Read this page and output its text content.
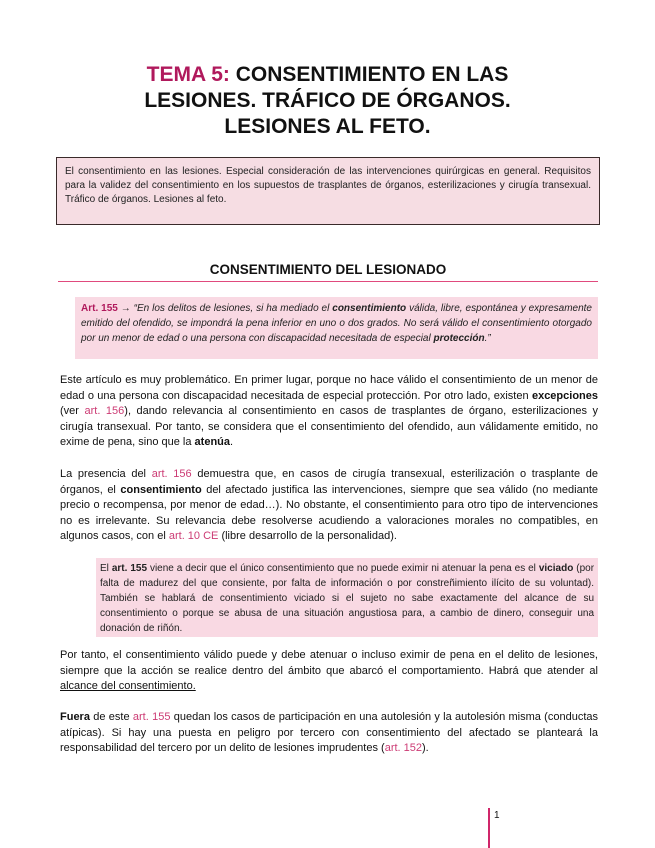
TEMA 5: CONSENTIMIENTO EN LAS
LESIONES. TRÁFICO DE ÓRGANOS.
LESIONES AL FETO.
El consentimiento en las lesiones. Especial consideración de las intervenciones quirúrgicas en general. Requisitos para la validez del consentimiento en los supuestos de trasplantes de órganos, esterilizaciones y cirugía transexual. Tráfico de órganos. Lesiones al feto.
CONSENTIMIENTO DEL LESIONADO
Art. 155 → “En los delitos de lesiones, si ha mediado el consentimiento válida, libre, espontánea y expresamente emitido del ofendido, se impondrá la pena inferior en uno o dos grados. No será válido el consentimiento otorgado por un menor de edad o una persona con discapacidad necesitada de especial protección.”

Este artículo es muy problemático. En primer lugar, porque no hace válido el consentimiento de un menor de edad o una persona con discapacidad necesitada de especial protección. Por otro lado, existen excepciones (ver art. 156), dando relevancia al consentimiento en casos de trasplantes de órgano, esterilizaciones y cirugía transexual. Por tanto, se considera que el consentimiento del ofendido, aun válidamente emitido, no exime de pena, sino que la atenúa.

La presencia del art. 156 demuestra que, en casos de cirugía transexual, esterilización o trasplante de órganos, el consentimiento del afectado justifica las intervenciones, siempre que sea válido (no mediante precio o recompensa, por menor de edad…). No obstante, el consentimiento para otro tipo de intervenciones no es irrelevante. Su relevancia debe resolverse acudiendo a valoraciones morales no compatibles, en algunos casos, con el art. 10 CE (libre desarrollo de la personalidad).

El art. 155 viene a decir que el único consentimiento que no puede eximir ni atenuar la pena es el viciado (por falta de madurez del que consiente, por falta de información o por constreñimiento ilícito de su voluntad). También se hablará de consentimiento viciado si el sujeto no sabe exactamente del alcance de su consentimiento o porque se abusa de una situación angustiosa para, a cambio de dinero, conseguir una donación de riñón.

Por tanto, el consentimiento válido puede y debe atenuar o incluso eximir de pena en el delito de lesiones, siempre que la acción se realice dentro del ámbito que abarcó el comportamiento. Habrá que atender al alcance del consentimiento.

Fuera de este art. 155 quedan los casos de participación en una autolesión y la autolesión misma (conductas atípicas). Si hay una puesta en peligro por tercero con consentimiento del afectado se planteará la responsabilidad del tercero por un delito de lesiones imprudentes (art. 152).

1
